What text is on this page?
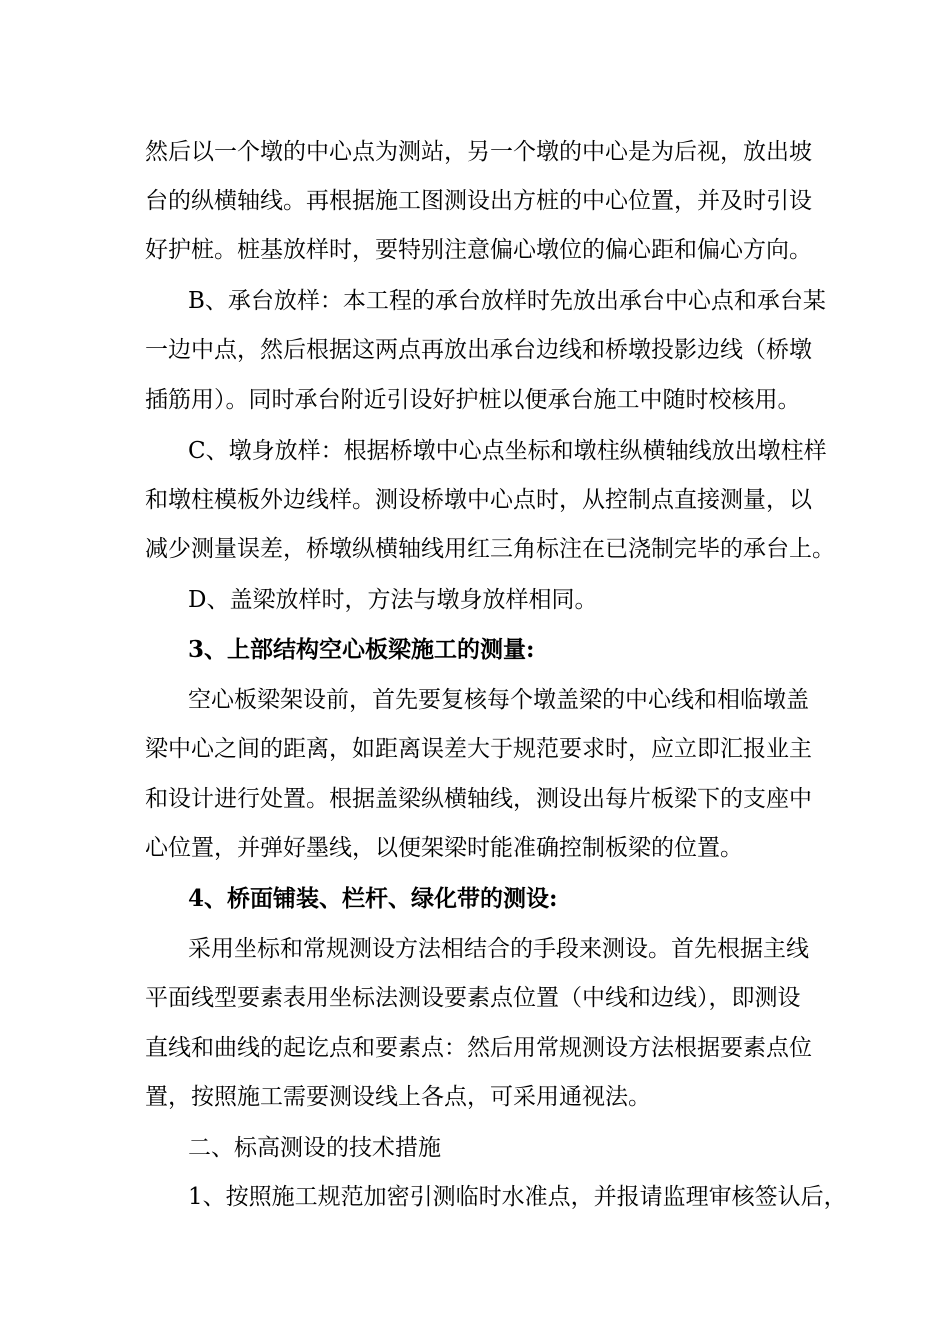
然后以一个墩的中心点为测站，另一个墩的中心是为后视，放出坡
台的纵横轴线。再根据施工图测设出方桩的中心位置，并及时引设
好护桩。桩基放样时，要特别注意偏心墩位的偏心距和偏心方向。
B、承台放样：本工程的承台放样时先放出承台中心点和承台某
一边中点，然后根据这两点再放出承台边线和桥墩投影边线（桥墩
插筋用）。同时承台附近引设好护桩以便承台施工中随时校核用。
C、墩身放样：根据桥墩中心点坐标和墩柱纵横轴线放出墩柱样
和墩柱模板外边线样。测设桥墩中心点时，从控制点直接测量，以
减少测量误差，桥墩纵横轴线用红三角标注在已浇制完毕的承台上。
D、盖梁放样时，方法与墩身放样相同。
3、上部结构空心板梁施工的测量:
空心板梁架设前，首先要复核每个墩盖梁的中心线和相临墩盖
梁中心之间的距离，如距离误差大于规范要求时，应立即汇报业主
和设计进行处置。根据盖梁纵横轴线，测设出每片板梁下的支座中
心位置，并弹好墨线，以便架梁时能准确控制板梁的位置。
4、桥面铺装、栏杆、绿化带的测设:
采用坐标和常规测设方法相结合的手段来测设。首先根据主线
平面线型要素表用坐标法测设要素点位置（中线和边线），即测设
直线和曲线的起讫点和要素点：然后用常规测设方法根据要素点位
置，按照施工需要测设线上各点，可采用通视法。
二、标高测设的技术措施
1、按照施工规范加密引测临时水准点，并报请监理审核签认后，
